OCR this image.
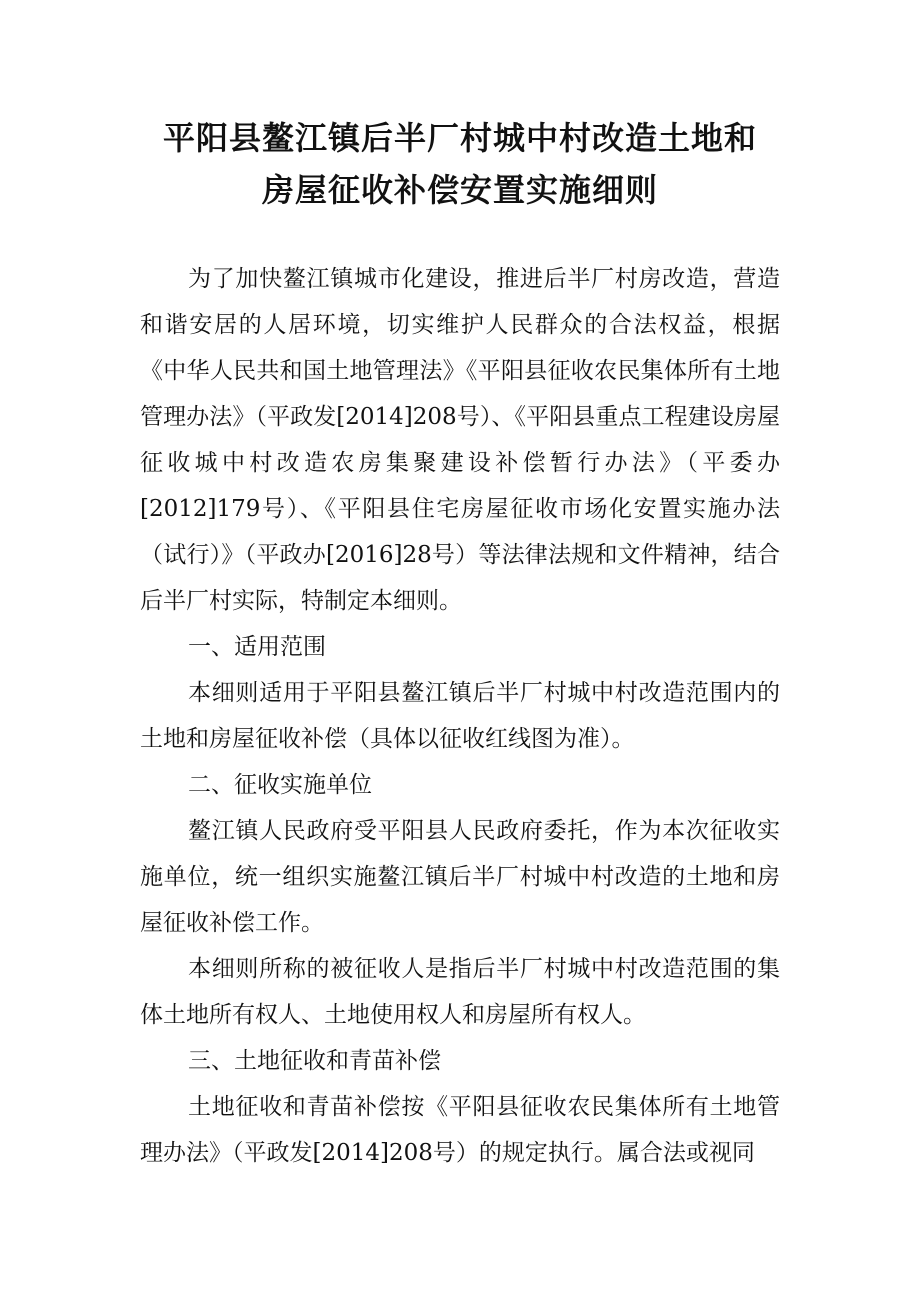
平阳县鳌江镇后半厂村城中村改造土地和
房屋征收补偿安置实施细则

为了加快鳌江镇城市化建设，推进后半厂村房改造，营造和谐安居的人居环境，切实维护人民群众的合法权益，根据《中华人民共和国土地管理法》《平阳县征收农民集体所有土地管理办法》（平政发[2014]208号）、《平阳县重点工程建设房屋征收城中村改造农房集聚建设补偿暂行办法》（平委办[2012]179号）、《平阳县住宅房屋征收市场化安置实施办法（试行）》（平政办[2016]28号）等法律法规和文件精神，结合后半厂村实际，特制定本细则。

一、适用范围

本细则适用于平阳县鳌江镇后半厂村城中村改造范围内的土地和房屋征收补偿（具体以征收红线图为准）。

二、征收实施单位

鳌江镇人民政府受平阳县人民政府委托，作为本次征收实施单位，统一组织实施鳌江镇后半厂村城中村改造的土地和房屋征收补偿工作。

本细则所称的被征收人是指后半厂村城中村改造范围的集体土地所有权人、土地使用权人和房屋所有权人。

三、土地征收和青苗补偿

土地征收和青苗补偿按《平阳县征收农民集体所有土地管理办法》（平政发[2014]208号）的规定执行。属合法或视同
